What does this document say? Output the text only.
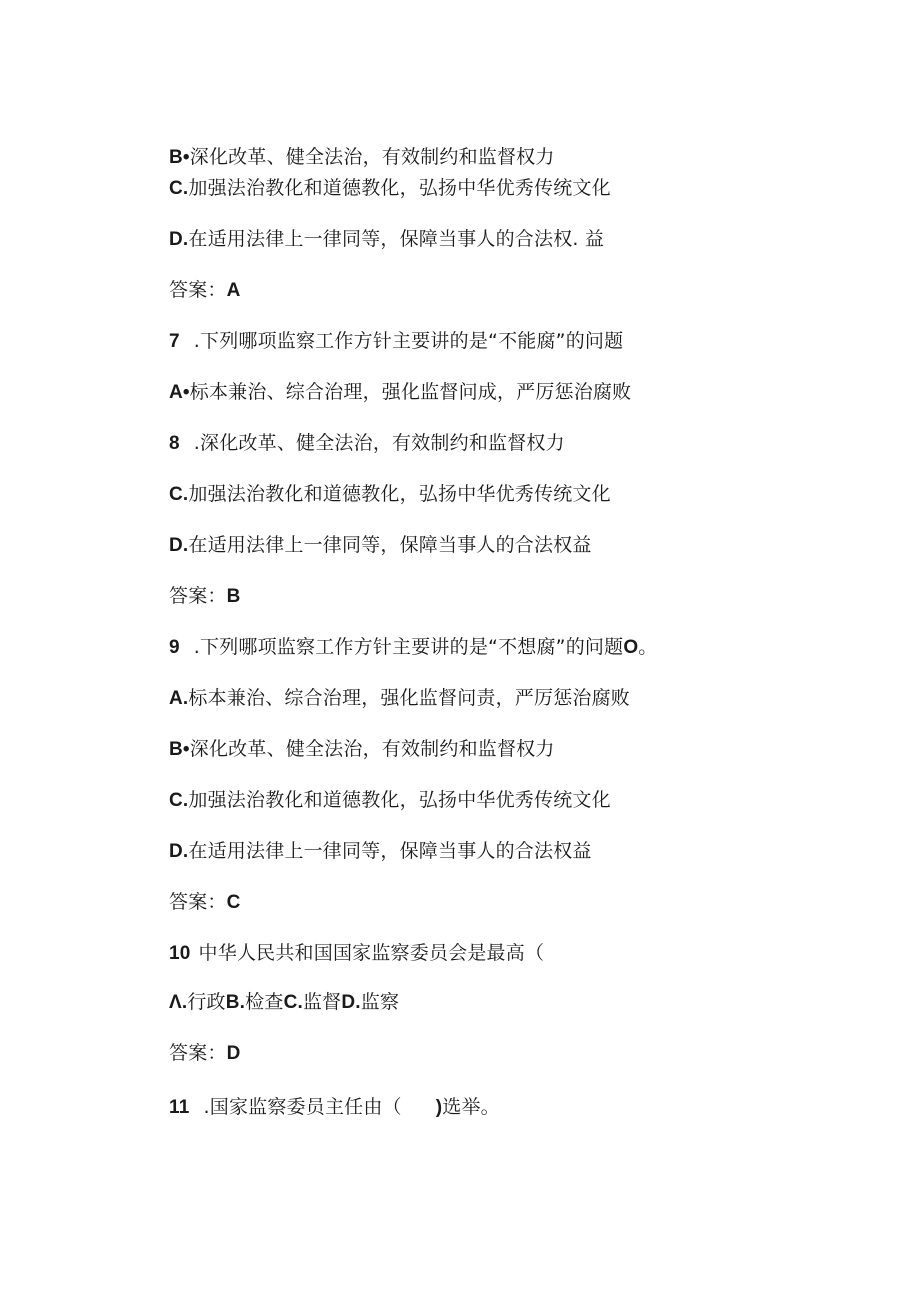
B•深化改革、健全法治，有效制约和监督权力
C.加强法治教化和道德教化，弘扬中华优秀传统文化
D.在适用法律上一律同等，保障当事人的合法权. 益
答案：A
7 .下列哪项监察工作方针主要讲的是“不能腐”的问题
A•标本兼治、综合治理，强化监督问成，严厉惩治腐败
8 .深化改革、健全法治，有效制约和监督权力
C.加强法治教化和道德教化，弘扬中华优秀传统文化
D.在适用法律上一律同等，保障当事人的合法权益
答案：B
9 .下列哪项监察工作方针主要讲的是“不想腐”的问题O。
A.标本兼治、综合治理，强化监督问责，严厉惩治腐败
B•深化改革、健全法治，有效制约和监督权力
C.加强法治教化和道德教化，弘扬中华优秀传统文化
D.在适用法律上一律同等，保障当事人的合法权益
答案：C
10 中华人民共和国国家监察委员会是最高（
Λ.行政B.检查C.监督D.监察
答案：D
11 .国家监察委员主任由（ )选举。
